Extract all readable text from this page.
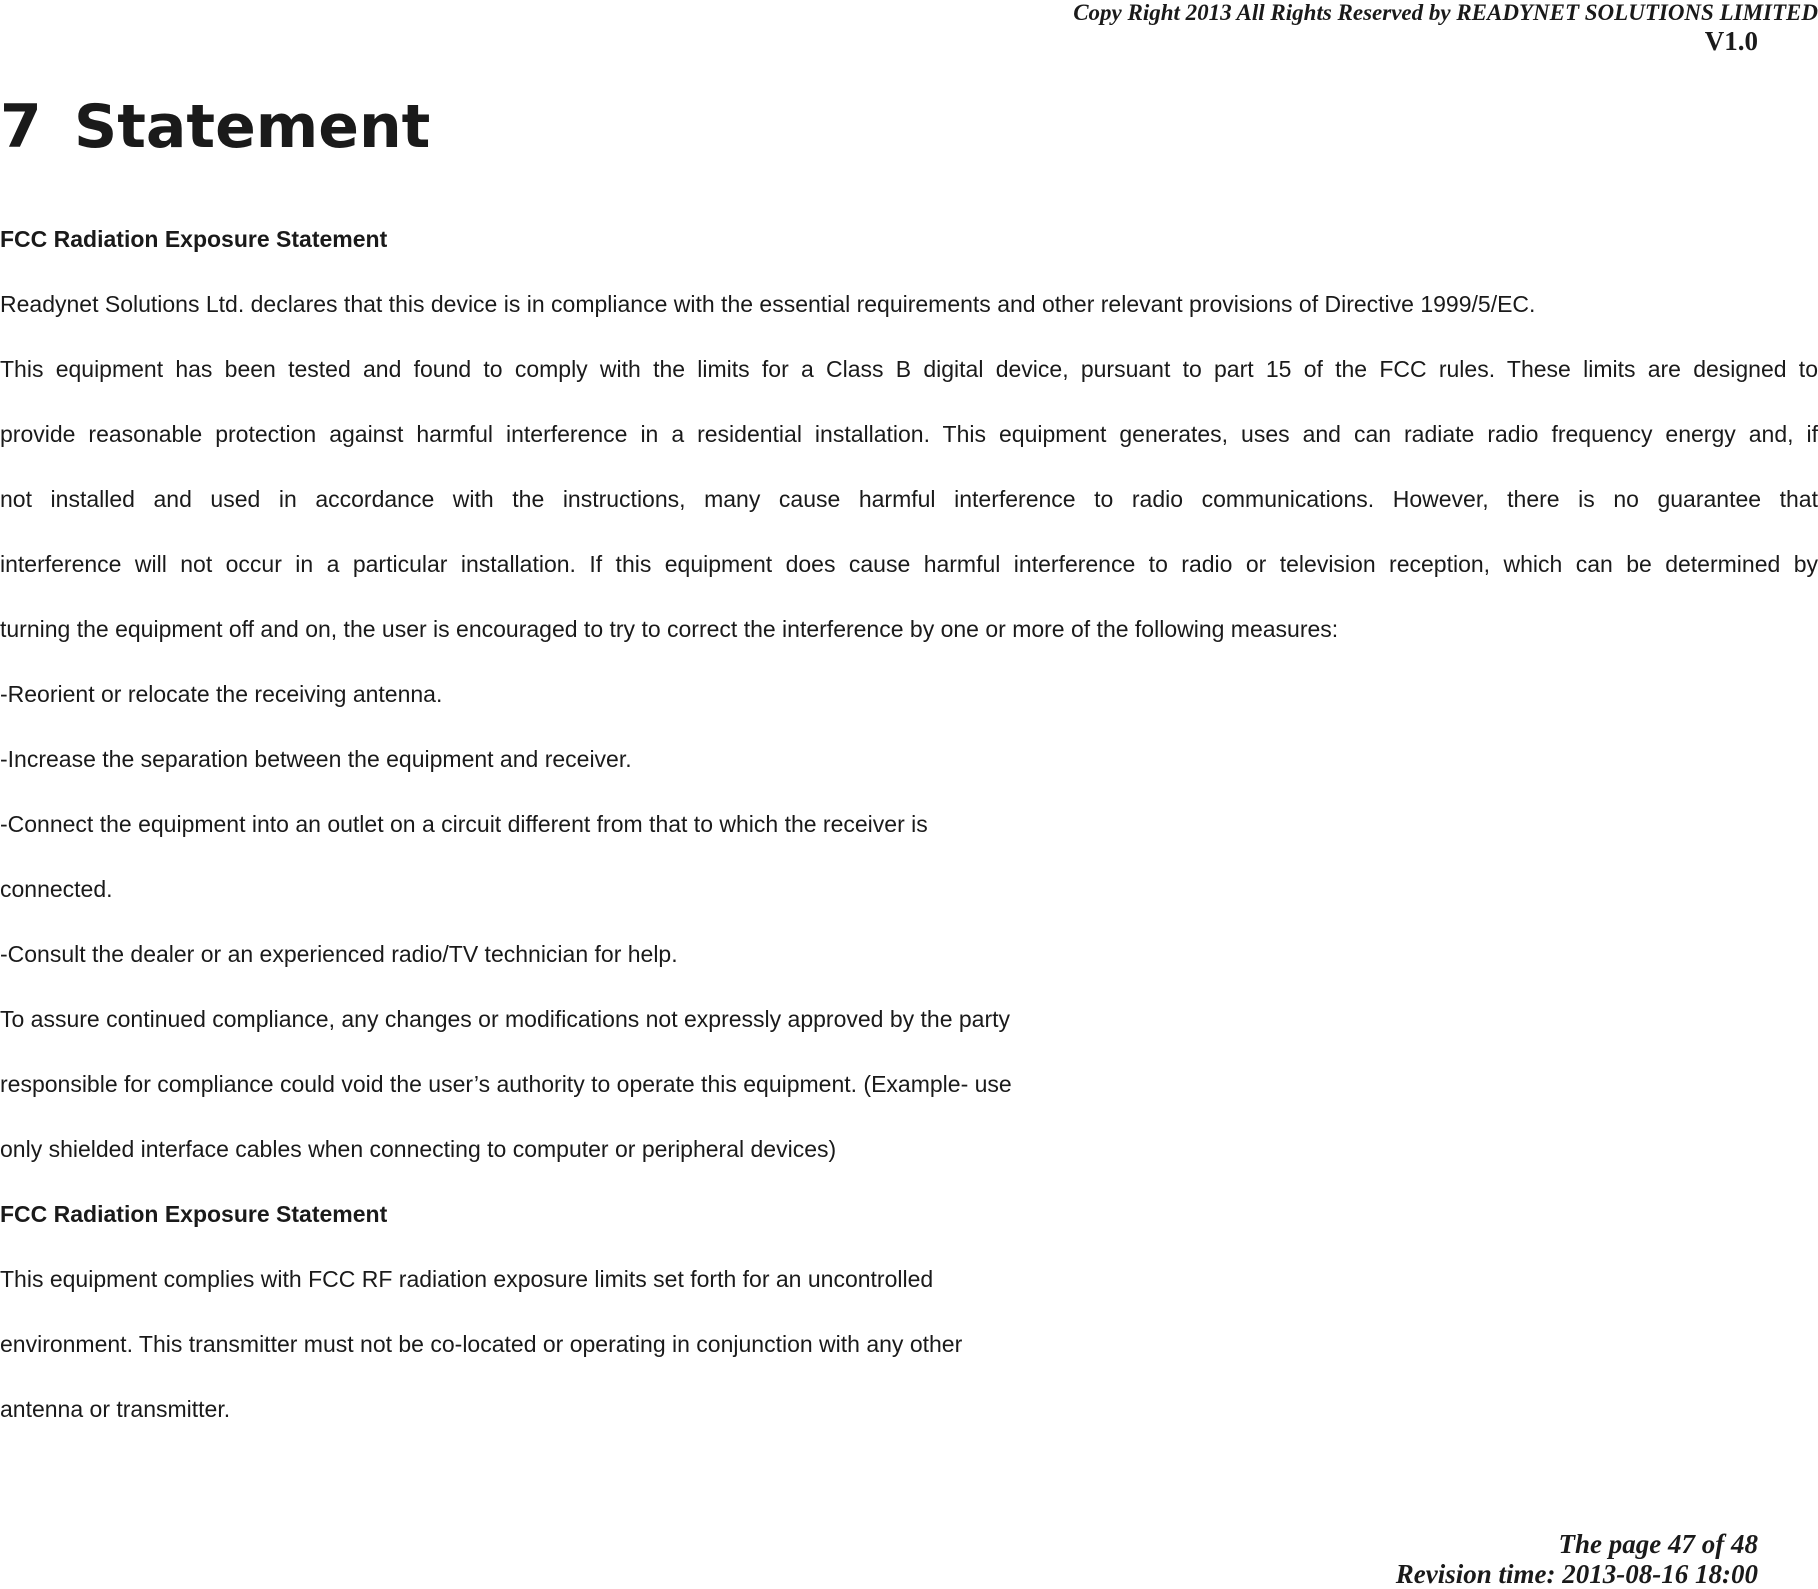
Copy Right 2013 All Rights Reserved by READYNET SOLUTIONS LIMITED
V1.0
7 Statement
FCC Radiation Exposure Statement
Readynet Solutions Ltd. declares that this device is in compliance with the essential requirements and other relevant provisions of Directive 1999/5/EC.
This equipment has been tested and found to comply with the limits for a Class B digital device, pursuant to part 15 of the FCC rules. These limits are designed to
provide reasonable protection against harmful interference in a residential installation. This equipment generates, uses and can radiate radio frequency energy and, if
not installed and used in accordance with the instructions, many cause harmful interference to radio communications. However, there is no guarantee that
interference will not occur in a particular installation. If this equipment does cause harmful interference to radio or television reception, which can be determined by
turning the equipment off and on, the user is encouraged to try to correct the interference by one or more of the following measures:
-Reorient or relocate the receiving antenna.
-Increase the separation between the equipment and receiver.
-Connect the equipment into an outlet on a circuit different from that to which the receiver is
connected.
-Consult the dealer or an experienced radio/TV technician for help.
To assure continued compliance, any changes or modifications not expressly approved by the party
responsible for compliance could void the user’s authority to operate this equipment. (Example- use
only shielded interface cables when connecting to computer or peripheral devices)
FCC Radiation Exposure Statement
This equipment complies with FCC RF radiation exposure limits set forth for an uncontrolled
environment. This transmitter must not be co-located or operating in conjunction with any other
antenna or transmitter.
The page 47 of 48
Revision time: 2013-08-16 18:00
